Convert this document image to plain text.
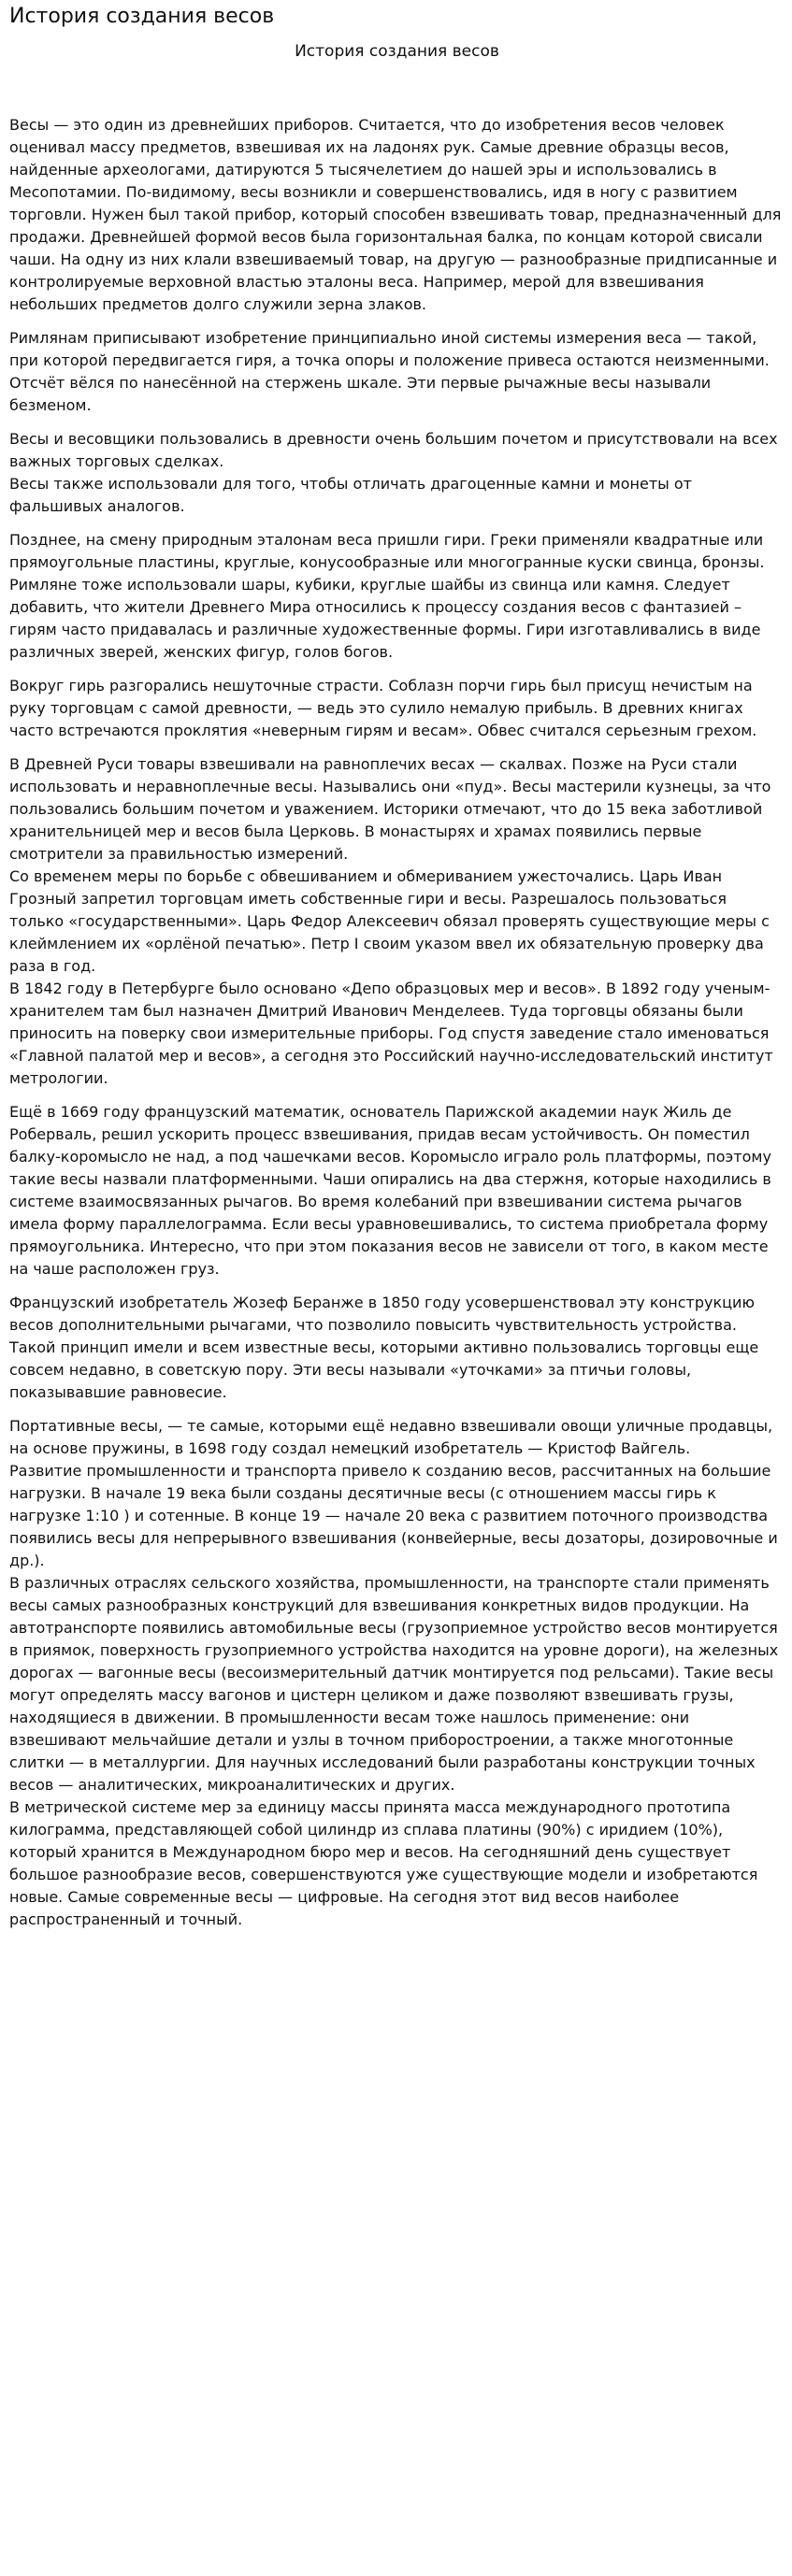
История создания весов
История создания весов

Весы — это один из древнейших приборов. Считается, что до изобретения весов человек оценивал массу предметов, взвешивая их на ладонях рук. Самые древние образцы весов, найденные археологами, датируются 5 тысячелетием до нашей эры и использовались в Месопотамии. По-видимому, весы возникли и совершенствовались, идя в ногу с развитием торговли. Нужен был такой прибор, который способен взвешивать товар, предназначенный для продажи. Древнейшей формой весов была горизонтальная балка, по концам которой свисали чаши. На одну из них клали взвешиваемый товар, на другую — разнообразные придписанные и контролируемые верховной властью эталоны веса. Например, мерой для взвешивания небольших предметов долго служили зерна злаков.

Римлянам приписывают изобретение принципиально иной системы измерения веса — такой, при которой передвигается гиря, а точка опоры и положение привеса остаются неизменными. Отсчёт вёлся по нанесённой на стержень шкале. Эти первые рычажные весы называли безменом.

Весы и весовщики пользовались в древности очень большим почетом и присутствовали на всех важных торговых сделках.
Весы также использовали для того, чтобы отличать драгоценные камни и монеты от фальшивых аналогов.

Позднее, на смену природным эталонам веса пришли гири. Греки применяли квадратные или прямоугольные пластины, круглые, конусообразные или многогранные куски свинца, бронзы. Римляне тоже использовали шары, кубики, круглые шайбы из свинца или камня. Следует добавить, что жители Древнего Мира относились к процессу создания весов с фантазией – гирям часто придавалась и различные художественные формы. Гири изготавливались в виде различных зверей, женских фигур, голов богов.

Вокруг гирь разгорались нешуточные страсти. Соблазн порчи гирь был присущ нечистым на руку торговцам с самой древности, — ведь это сулило немалую прибыль. В древних книгах часто встречаются проклятия «неверным гирям и весам». Обвес считался серьезным грехом.

В Древней Руси товары взвешивали на равноплечих весах — скалвах. Позже на Руси стали использовать и неравноплечные весы. Назывались они «пуд». Весы мастерили кузнецы, за что пользовались большим почетом и уважением. Историки отмечают, что до 15 века заботливой хранительницей мер и весов была Церковь. В монастырях и храмах появились первые смотрители за правильностью измерений.
Со временем меры по борьбе с обвешиванием и обмериванием ужесточались. Царь Иван Грозный запретил торговцам иметь собственные гири и весы. Разрешалось пользоваться только «государственными». Царь Федор Алексеевич обязал проверять существующие меры с клеймлением их «орлёной печатью». Петр I своим указом ввел их обязательную проверку два раза в год.
В 1842 году в Петербурге было основано «Депо образцовых мер и весов». В 1892 году ученым-хранителем там был назначен Дмитрий Иванович Менделеев. Туда торговцы обязаны были приносить на поверку свои измерительные приборы. Год спустя заведение стало именоваться «Главной палатой мер и весов», а сегодня это Российский научно-исследовательский институт метрологии.

Ещё в 1669 году французский математик, основатель Парижской академии наук Жиль де Роберваль, решил ускорить процесс взвешивания, придав весам устойчивость. Он поместил балку-коромысло не над, а под чашечками весов. Коромысло играло роль платформы, поэтому такие весы назвали платформенными. Чаши опирались на два стержня, которые находились в системе взаимосвязанных рычагов. Во время колебаний при взвешивании система рычагов имела форму параллелограмма. Если весы уравновешивались, то система приобретала форму прямоугольника. Интересно, что при этом показания весов не зависели от того, в каком месте на чаше расположен груз.

Французский изобретатель Жозеф Беранже в 1850 году усовершенствовал эту конструкцию весов дополнительными рычагами, что позволило повысить чувствительность устройства.
Такой принцип имели и всем известные весы, которыми активно пользовались торговцы еще совсем недавно, в советскую пору. Эти весы называли «уточками» за птичьи головы, показывавшие равновесие.

Портативные весы, — те самые, которыми ещё недавно взвешивали овощи уличные продавцы, на основе пружины, в 1698 году создал немецкий изобретатель — Кристоф Вайгель.
Развитие промышленности и транспорта привело к созданию весов, рассчитанных на большие нагрузки. В начале 19 века были созданы десятичные весы (с отношением массы гирь к нагрузке 1:10 ) и сотенные. В конце 19 — начале 20 века с развитием поточного производства появились весы для непрерывного взвешивания (конвейерные, весы дозаторы, дозировочные и др.).
В различных отраслях сельского хозяйства, промышленности, на транспорте стали применять весы самых разнообразных конструкций для взвешивания конкретных видов продукции. На автотранспорте появились автомобильные весы (грузоприемное устройство весов монтируется в приямок, поверхность грузоприемного устройства находится на уровне дороги), на железных дорогах — вагонные весы (весоизмерительный датчик монтируется под рельсами). Такие весы могут определять массу вагонов и цистерн целиком и даже позволяют взвешивать грузы, находящиеся в движении. В промышленности весам тоже нашлось применение: они взвешивают мельчайшие детали и узлы в точном приборостроении, а также многотонные слитки — в металлургии. Для научных исследований были разработаны конструкции точных весов — аналитических, микроаналитических и других.
В метрической системе мер за единицу массы принята масса международного прототипа килограмма, представляющей собой цилиндр из сплава платины (90%) с иридием (10%), который хранится в Международном бюро мер и весов. На сегодняшний день существует большое разнообразие весов, совершенствуются уже существующие модели и изобретаются новые. Самые современные весы — цифровые. На сегодня этот вид весов наиболее распространенный и точный.
